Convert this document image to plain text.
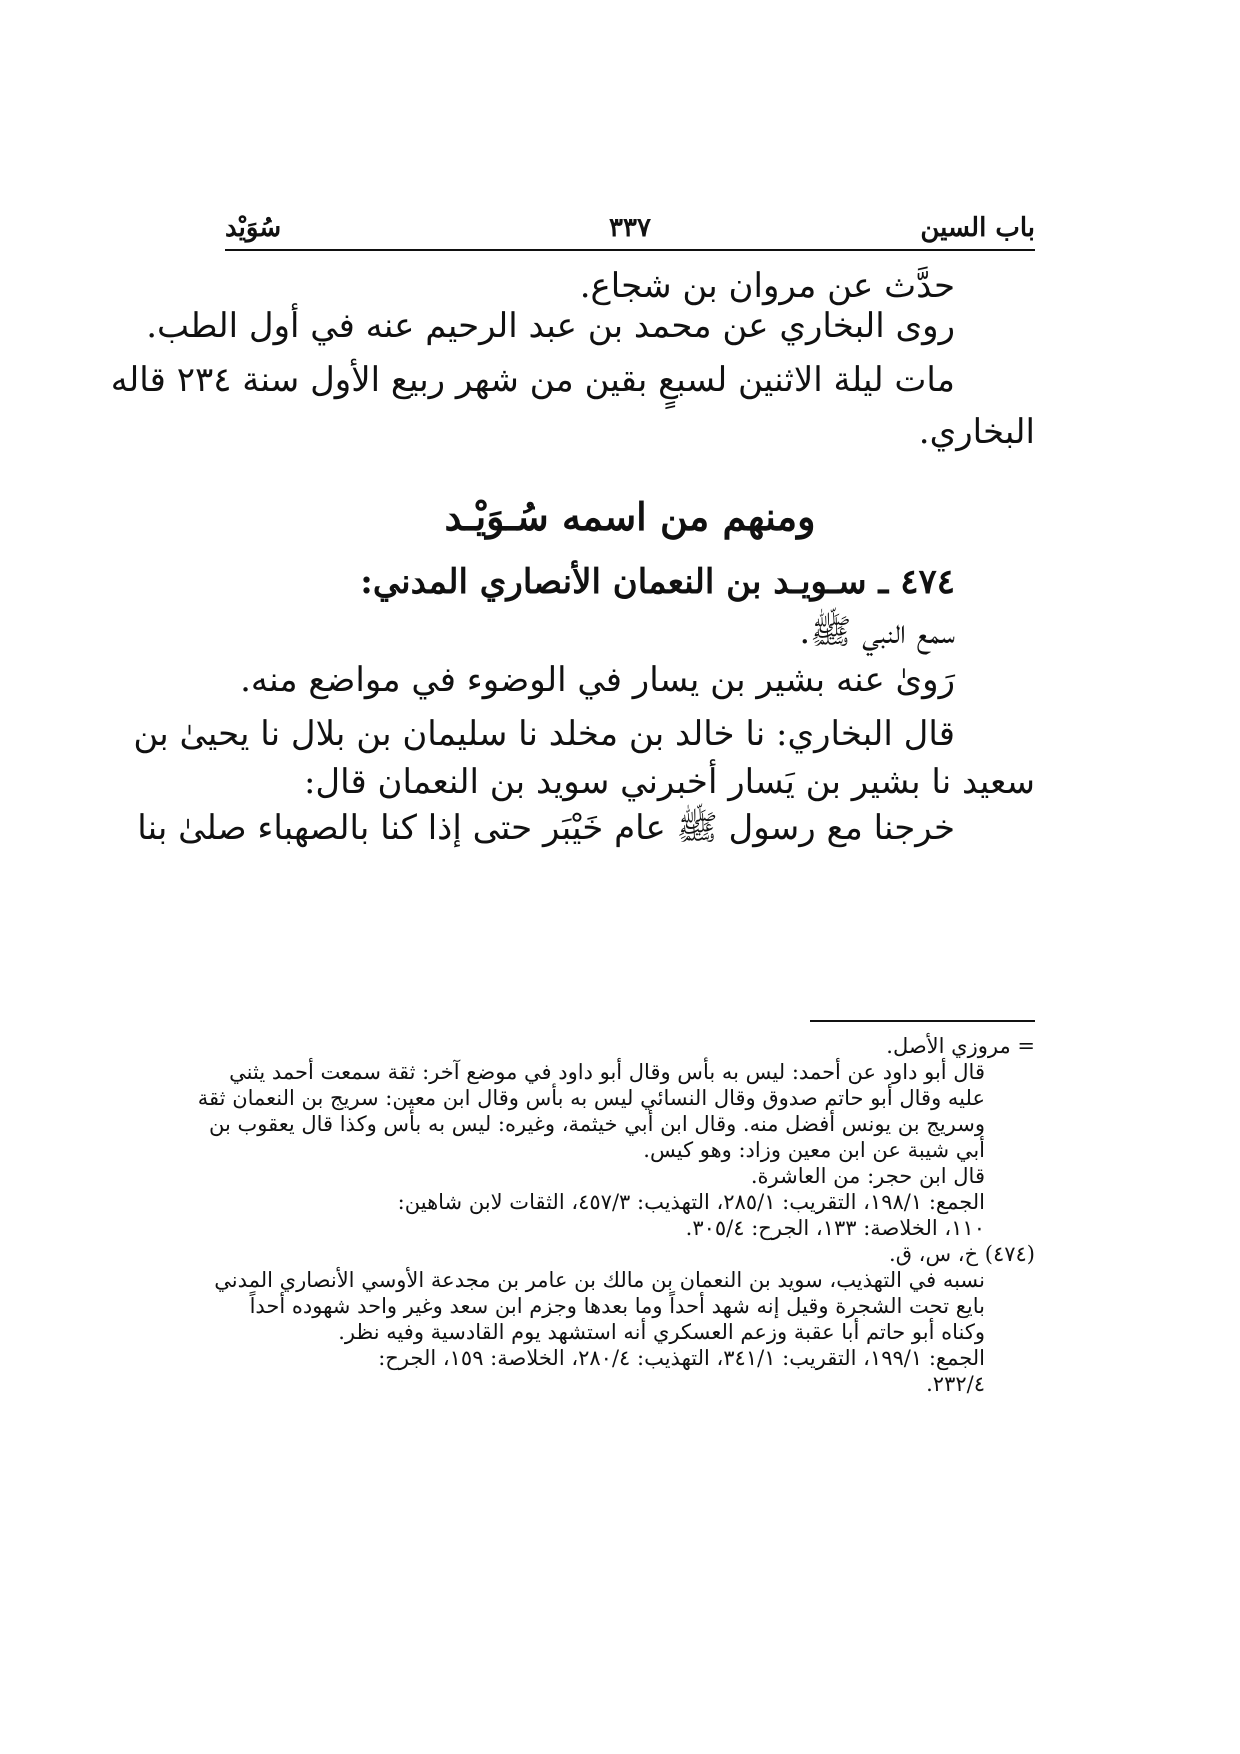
باب السين
٣٣٧
سُوَيْد
حدَّث عن مروان بن شجاع.
روى البخاري عن محمد بن عبد الرحيم عنه في أول الطب.
مات ليلة الاثنين لسبعٍ بقين من شهر ربيع الأول سنة ٢٣٤ قاله
البخاري.
ومنهم من اسمه سُـوَيْـد
٤٧٤ ـ سـويـد بن النعمان الأنصاري المدني:
سمع النبي ﷺ.
رَوىٰ عنه بشير بن يسار في الوضوء في مواضع منه.
قال البخاري: نا خالد بن مخلد نا سليمان بن بلال نا يحيىٰ بن
سعيد نا بشير بن يَسار أخبرني سويد بن النعمان قال:
خرجنا مع رسول ﷺ عام خَيْبَر حتى إذا كنا بالصهباء صلىٰ بنا
= مروزي الأصل.
قال أبو داود عن أحمد: ليس به بأس وقال أبو داود في موضع آخر: ثقة سمعت أحمد يثني
عليه وقال أبو حاتم صدوق وقال النسائي ليس به بأس وقال ابن معين: سريج بن النعمان ثقة
وسريج بن يونس أفضل منه. وقال ابن أبي خيثمة، وغيره: ليس به بأس وكذا قال يعقوب بن
أبي شيبة عن ابن معين وزاد: وهو كيس.
قال ابن حجر: من العاشرة.
الجمع: ١٩٨/١، التقريب: ٢٨٥/١، التهذيب: ٤٥٧/٣، الثقات لابن شاهين:
١١٠، الخلاصة: ١٣٣، الجرح: ٣٠٥/٤.
(٤٧٤) خ، س، ق.
نسبه في التهذيب، سويد بن النعمان بن مالك بن عامر بن مجدعة الأوسي الأنصاري المدني
بايع تحت الشجرة وقيل إنه شهد أحداً وما بعدها وجزم ابن سعد وغير واحد شهوده أحداً
وكناه أبو حاتم أبا عقبة وزعم العسكري أنه استشهد يوم القادسية وفيه نظر.
الجمع: ١٩٩/١، التقريب: ٣٤١/١، التهذيب: ٢٨٠/٤، الخلاصة: ١٥٩، الجرح:
٢٣٢/٤.
